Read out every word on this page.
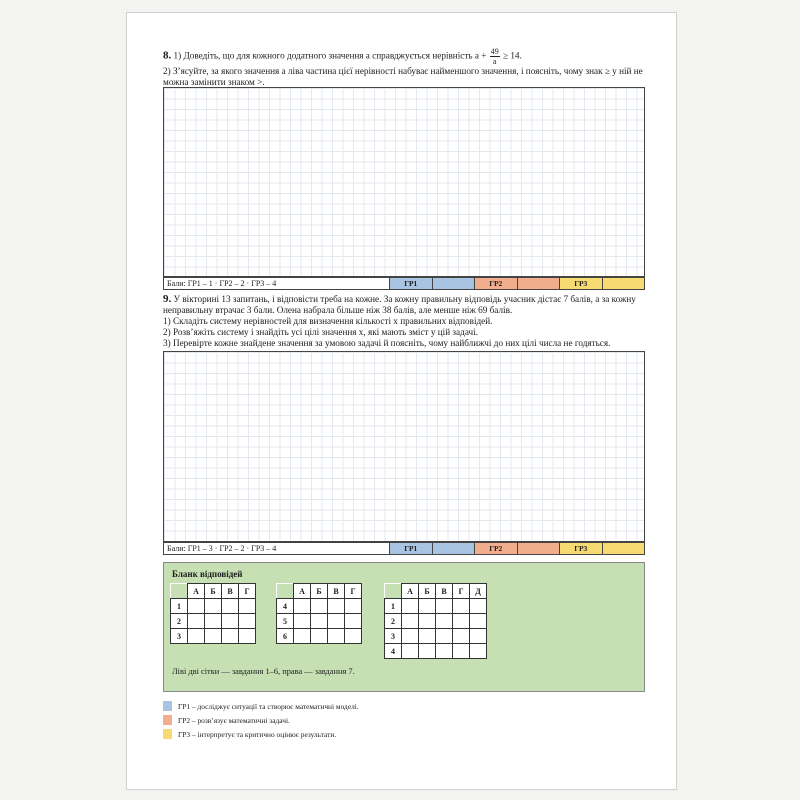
8. 1) Доведіть, що для кожного додатного значення a справджується нерівність $a + \frac{49}{a} \ge 14$.
2) З’ясуйте, за якого значення a ліва частина цієї нерівності набуває найменшого значення, і поясніть, чому знак ≥ у ній не можна замінити знаком >.
Бали: ГР1 – 1 · ГР2 – 2 · ГР3 – 4	ГР1	ГР2	ГР3
9. У вікторині 13 запитань, і відповісти треба на кожне. За кожну правильну відповідь учасник дістає 7 балів, а за кожну неправильну втрачає 3 бали. Олена набрала більше ніж 38 балів, але менше ніж 69 балів.
1) Складіть систему нерівностей для визначення кількості x правильних відповідей.
2) Розв’яжіть систему і знайдіть усі цілі значення x, які мають зміст у цій задачі.
3) Перевірте кожне знайдене значення за умовою задачі й поясніть, чому найближчі до них цілі числа не годяться.
Бали: ГР1 – 3 · ГР2 – 2 · ГР3 – 4	ГР1	ГР2	ГР3
Бланк відповідей
	А	Б	В	Г
1				
2				
3				
	А	Б	В	Г
4				
5				
6				
	А	Б	В	Г	Д
1					
2					
3					
4					
Ліві дві сітки — завдання 1–6, права — завдання 7.
ГР1 – досліджує ситуації та створює математичні моделі.
ГР2 – розв’язує математичні задачі.
ГР3 – інтерпретує та критично оцінює результати.
